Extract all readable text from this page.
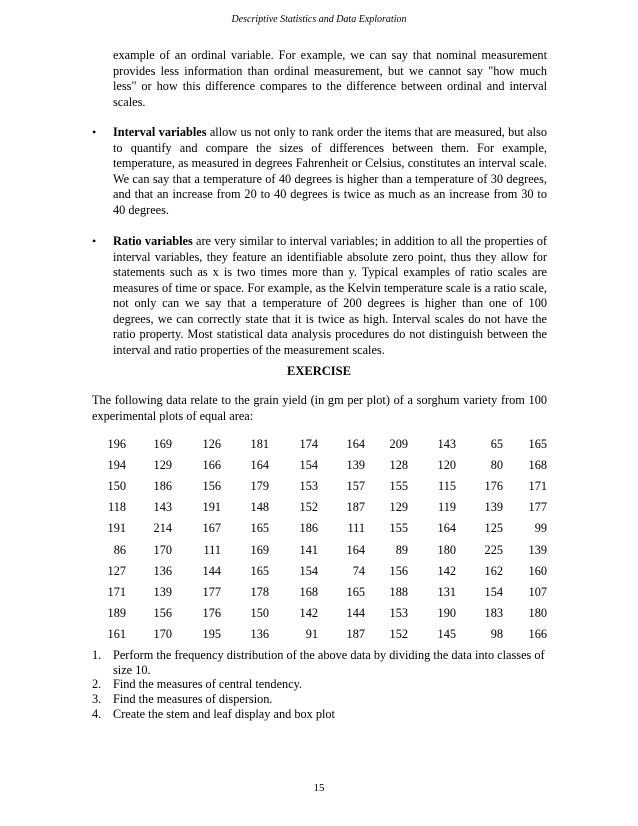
Descriptive Statistics and Data Exploration

example of an ordinal variable. For example, we can say that nominal measurement provides less information than ordinal measurement, but we cannot say "how much less" or how this difference compares to the difference between ordinal and interval scales.

• Interval variables allow us not only to rank order the items that are measured, but also to quantify and compare the sizes of differences between them. For example, temperature, as measured in degrees Fahrenheit or Celsius, constitutes an interval scale. We can say that a temperature of 40 degrees is higher than a temperature of 30 degrees, and that an increase from 20 to 40 degrees is twice as much as an increase from 30 to 40 degrees.
• Ratio variables are very similar to interval variables; in addition to all the properties of interval variables, they feature an identifiable absolute zero point, thus they allow for statements such as x is two times more than y. Typical examples of ratio scales are measures of time or space. For example, as the Kelvin temperature scale is a ratio scale, not only can we say that a temperature of 200 degrees is higher than one of 100 degrees, we can correctly state that it is twice as high. Interval scales do not have the ratio property. Most statistical data analysis procedures do not distinguish between the interval and ratio properties of the measurement scales.
EXERCISE

The following data relate to the grain yield (in gm per plot) of a sorghum variety from 100 experimental plots of equal area:

196	169	126	181	174	164	209	143	65	165
194	129	166	164	154	139	128	120	80	168
150	186	156	179	153	157	155	115	176	171
118	143	191	148	152	187	129	119	139	177
191	214	167	165	186	111	155	164	125	99
86	170	111	169	141	164	89	180	225	139
127	136	144	165	154	74	156	142	162	160
171	139	177	178	168	165	188	131	154	107
189	156	176	150	142	144	153	190	183	180
161	170	195	136	91	187	152	145	98	166
1. Perform the frequency distribution of the above data by dividing the data into classes of size 10.
2. Find the measures of central tendency.
3. Find the measures of dispersion.
4. Create the stem and leaf display and box plot
15
